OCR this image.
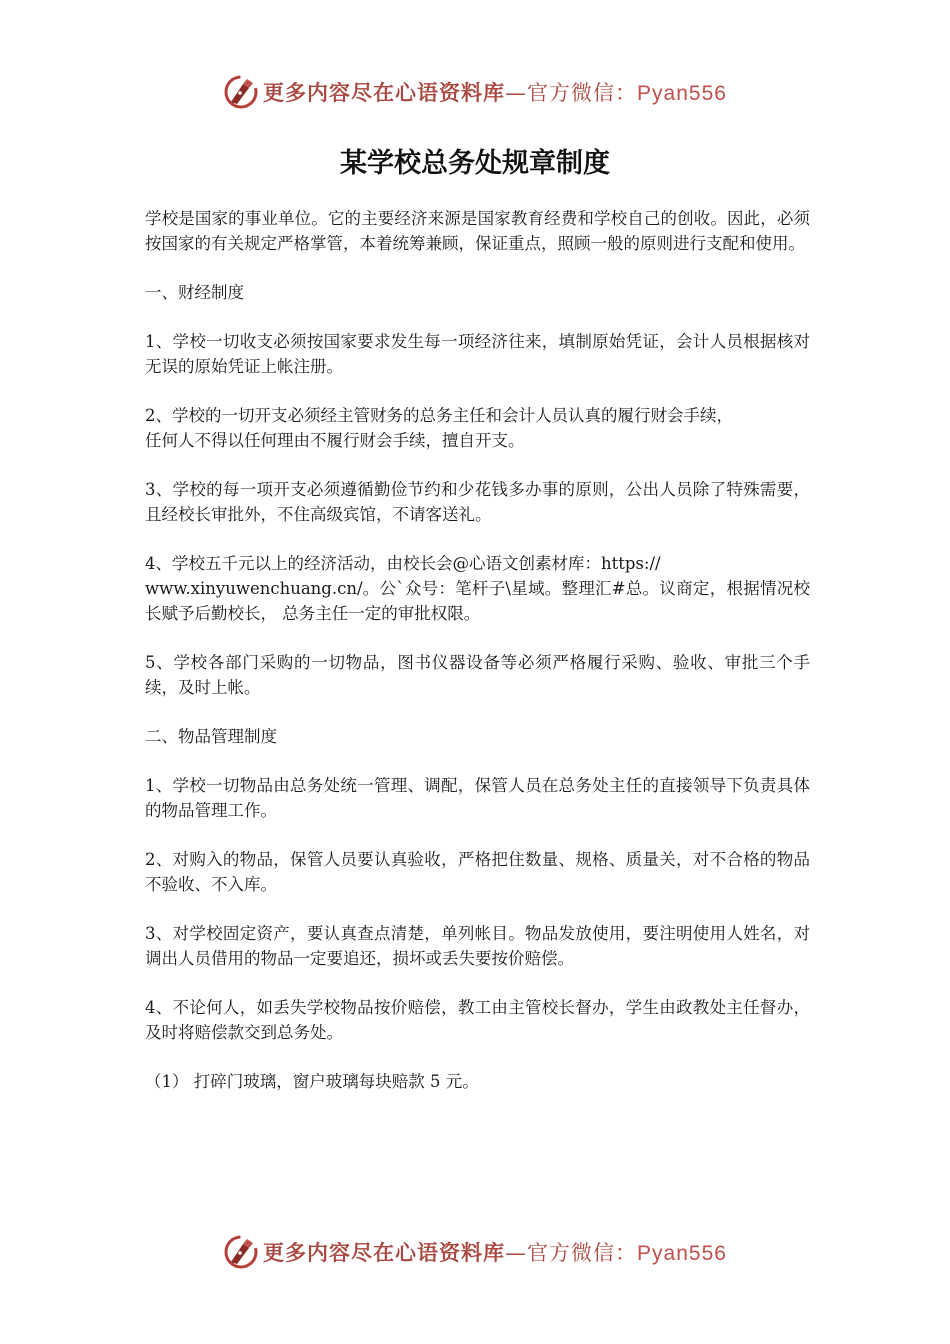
更多内容尽在心语资料库—官方微信：Pyan556
某学校总务处规章制度

学校是国家的事业单位。它的主要经济来源是国家教育经费和学校自己的创收。因此，必须按国家的有关规定严格掌管，本着统筹兼顾，保证重点，照顾一般的原则进行支配和使用。

一、财经制度

1、学校一切收支必须按国家要求发生每一项经济往来，填制原始凭证，会计人员根据核对无误的原始凭证上帐注册。

2、学校的一切开支必须经主管财务的总务主任和会计人员认真的履行财会手续，
任何人不得以任何理由不履行财会手续，擅自开支。

3、学校的每一项开支必须遵循勤俭节约和少花钱多办事的原则，公出人员除了特殊需要，且经校长审批外，不住高级宾馆，不请客送礼。

4、学校五千元以上的经济活动，由校长会@心语文创素材库：https://
www.xinyuwenchuang.cn/。公`众号：笔杆子\星域。整理汇#总。议商定，根据情况校长赋予后勤校长， 总务主任一定的审批权限。

5、学校各部门采购的一切物品，图书仪器设备等必须严格履行采购、验收、审批三个手续，及时上帐。

二、物品管理制度

1、学校一切物品由总务处统一管理、调配，保管人员在总务处主任的直接领导下负责具体的物品管理工作。

2、对购入的物品，保管人员要认真验收，严格把住数量、规格、质量关，对不合格的物品不验收、不入库。

3、对学校固定资产，要认真查点清楚，单列帐目。物品发放使用，要注明使用人姓名，对调出人员借用的物品一定要追还，损坏或丢失要按价赔偿。

4、不论何人，如丢失学校物品按价赔偿，教工由主管校长督办，学生由政教处主任督办，及时将赔偿款交到总务处。

（1） 打碎门玻璃，窗户玻璃每块赔款 5 元。

更多内容尽在心语资料库—官方微信：Pyan556
